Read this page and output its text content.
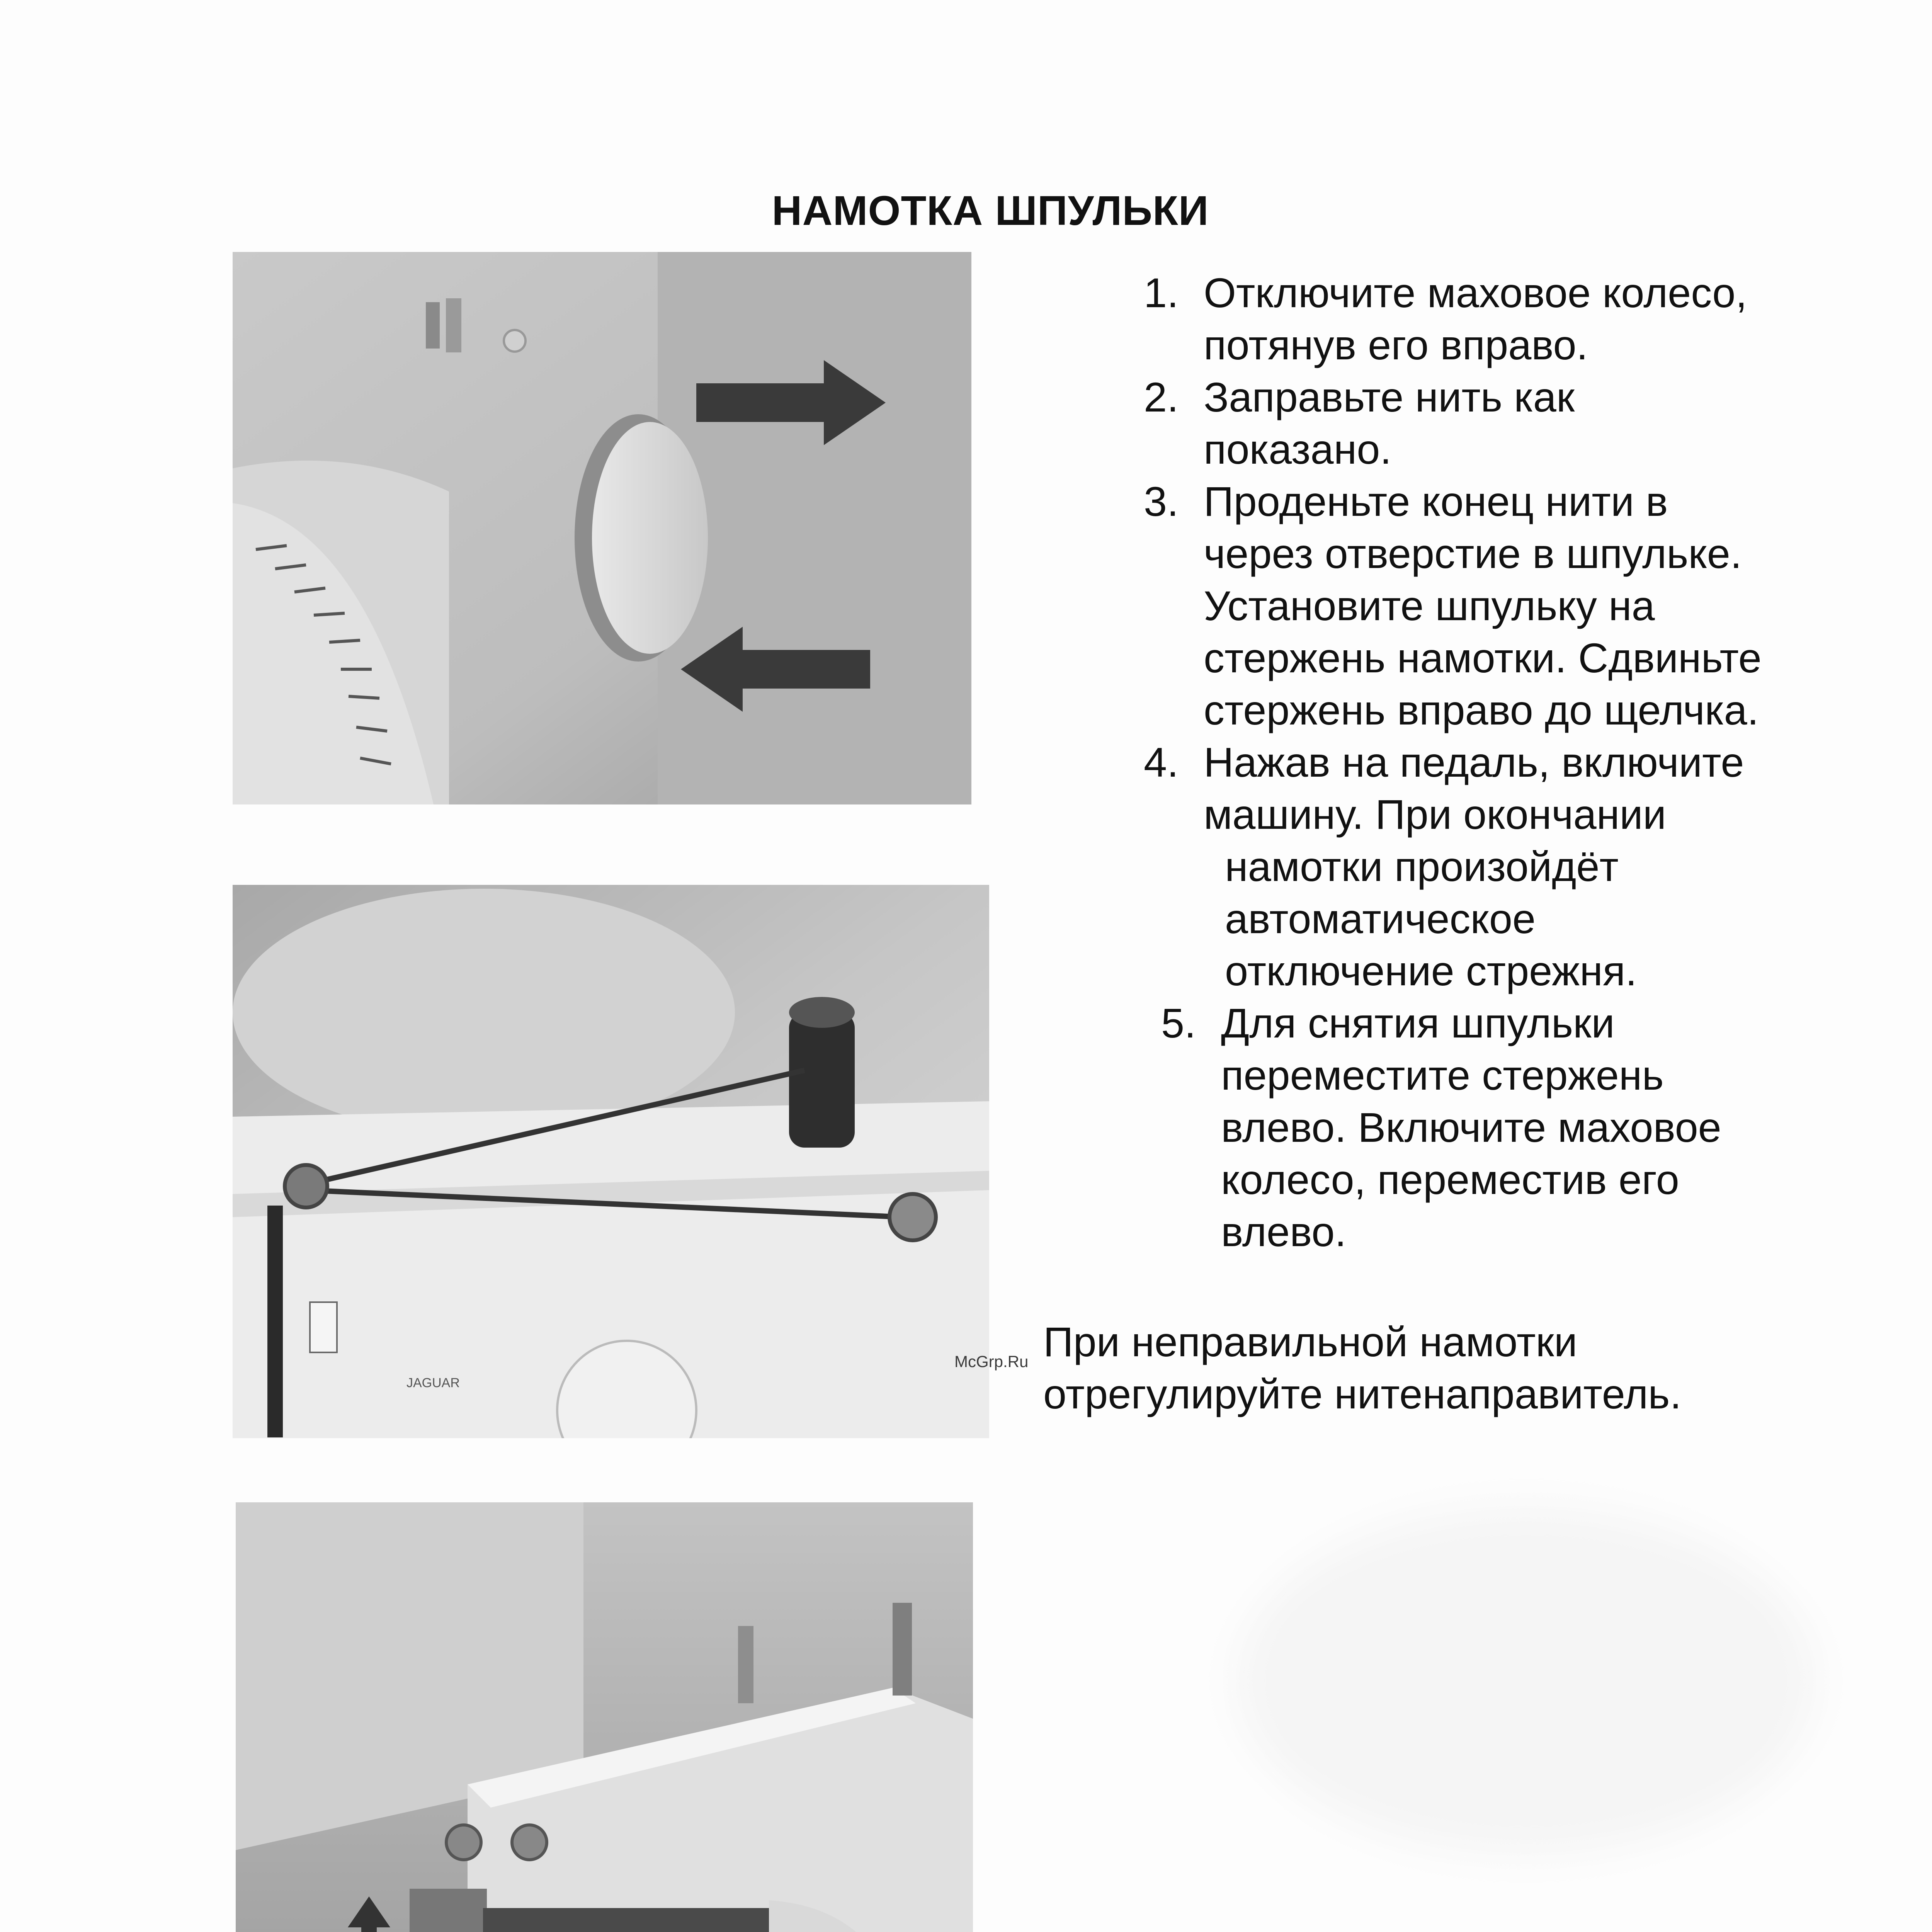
НАМОТКА ШПУЛЬКИ
JAGUAR
1. Отключите маховое колесо,
потянув его вправо.
2. Заправьте нить как
показано.
3. Проденьте конец нити в
через отверстие в шпульке.
Установите шпульку на
стержень намотки. Сдвиньте
стержень вправо до щелчка.
4. Нажав на педаль, включите
машину. При окончании
намотки произойдёт
автоматическое
отключение стрежня.
5. Для снятия шпульки
переместите стержень
влево. Включите маховое
колесо, переместив его
влево.
McGrp.Ru При неправильной намотки
отрегулируйте нитенаправитель.
